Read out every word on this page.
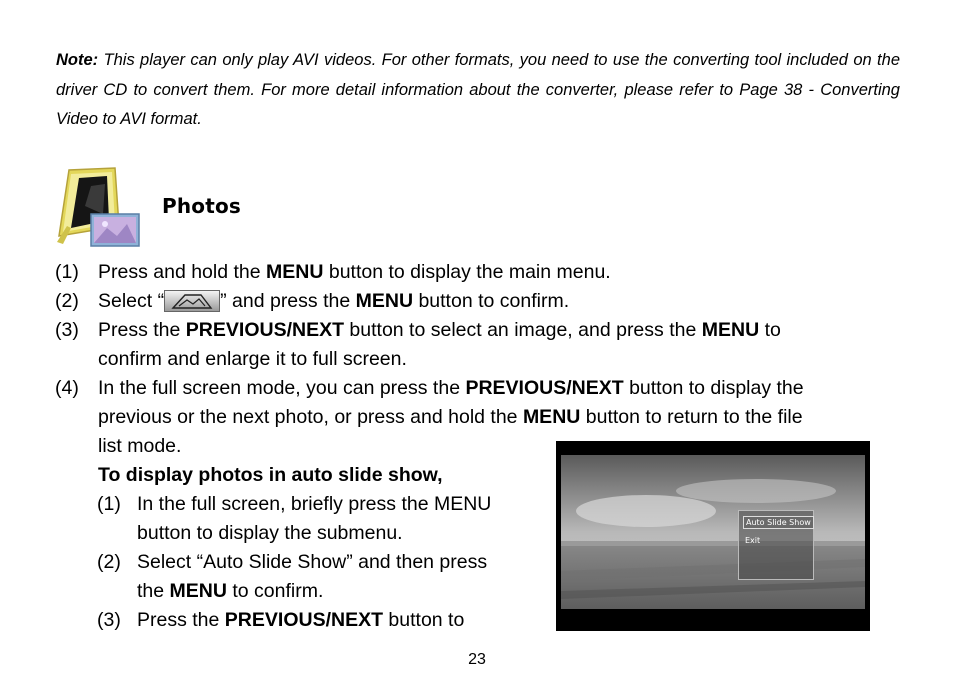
Note: This player can only play AVI videos. For other formats, you need to use the converting tool included on the driver CD to convert them. For more detail information about the converter, please refer to Page 38 - Converting Video to AVI format.
Photos
(1) Press and hold the MENU button to display the main menu.
(2) Select “	” and press the MENU button to confirm.
(3) Press the PREVIOUS/NEXT button to select an image, and press the MENU to
confirm and enlarge it to full screen.
(4) In the full screen mode, you can press the PREVIOUS/NEXT button to display the
previous or the next photo, or press and hold the MENU button to return to the file
list mode.
To display photos in auto slide show,
(1) In the full screen, briefly press the MENU
button to display the submenu.
(2) Select “Auto Slide Show” and then press
the MENU to confirm.
(3) Press the PREVIOUS/NEXT button to
Auto Slide Show
Exit
23
